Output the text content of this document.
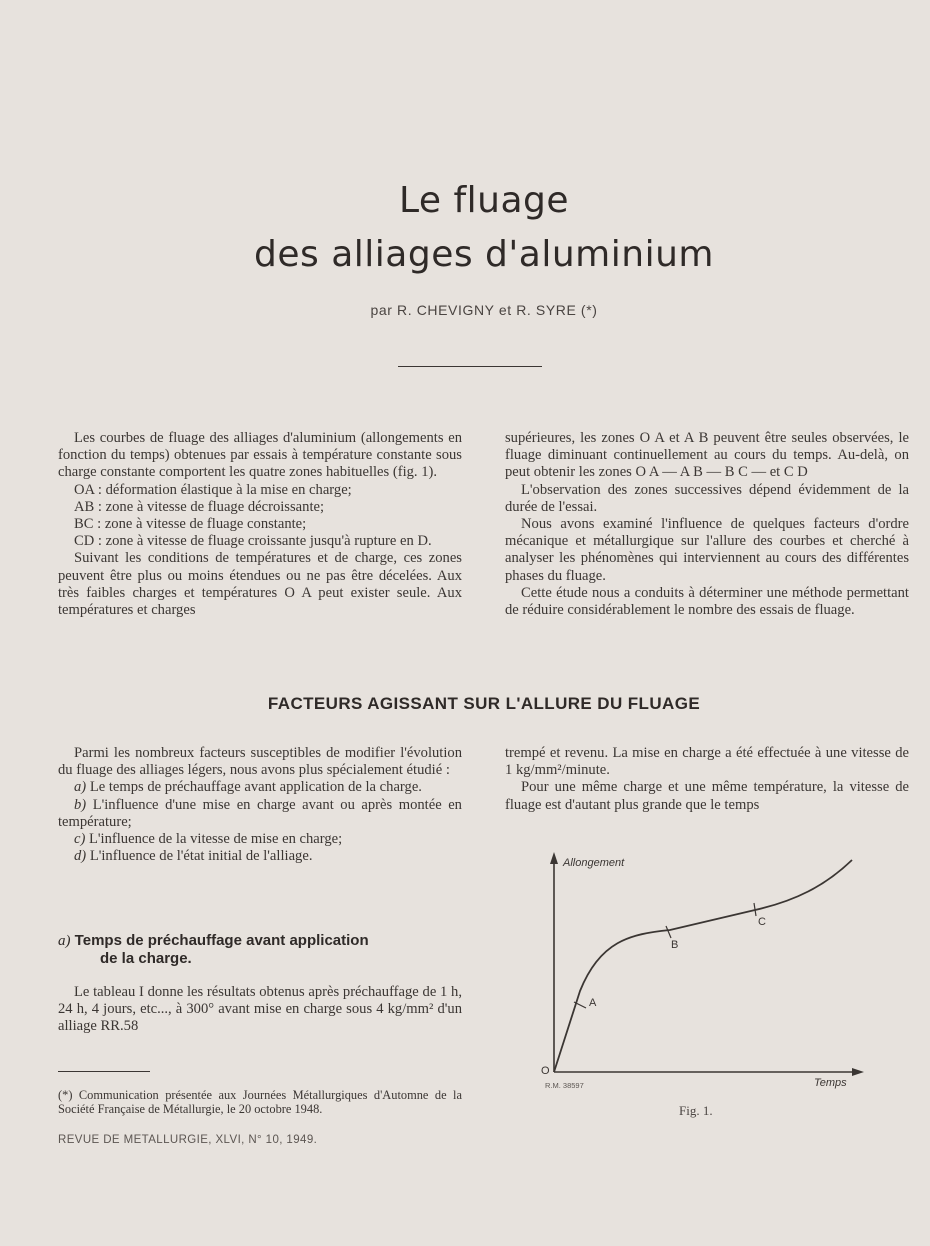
Le fluage
des alliages d'aluminium
par R. CHEVIGNY et R. SYRE (*)

Les courbes de fluage des alliages d'aluminium (allongements en fonction du temps) obtenues par essais à température constante sous charge constante comportent les quatre zones habituelles (fig. 1).

OA : déformation élastique à la mise en charge;

AB : zone à vitesse de fluage décroissante;

BC : zone à vitesse de fluage constante;

CD : zone à vitesse de fluage croissante jusqu'à rupture en D.

Suivant les conditions de températures et de charge, ces zones peuvent être plus ou moins étendues ou ne pas être décelées. Aux très faibles charges et températures O A peut exister seule. Aux températures et charges

supérieures, les zones O A et A B peuvent être seules observées, le fluage diminuant continuellement au cours du temps. Au-delà, on peut obtenir les zones O A — A B — B C — et C D

L'observation des zones successives dépend évidemment de la durée de l'essai.

Nous avons examiné l'influence de quelques facteurs d'ordre mécanique et métallurgique sur l'allure des courbes et cherché à analyser les phénomènes qui interviennent au cours des différentes phases du fluage.

Cette étude nous a conduits à déterminer une méthode permettant de réduire considérablement le nombre des essais de fluage.

FACTEURS AGISSANT SUR L'ALLURE DU FLUAGE

Parmi les nombreux facteurs susceptibles de modifier l'évolution du fluage des alliages légers, nous avons plus spécialement étudié :

a) Le temps de préchauffage avant application de la charge.

b) L'influence d'une mise en charge avant ou après montée en température;

c) L'influence de la vitesse de mise en charge;

d) L'influence de l'état initial de l'alliage.

a) Temps de préchauffage avant application
de la charge.

Le tableau I donne les résultats obtenus après préchauffage de 1 h, 24 h, 4 jours, etc..., à 300° avant mise en charge sous 4 kg/mm² d'un alliage RR.58

trempé et revenu. La mise en charge a été effectuée à une vitesse de 1 kg/mm²/minute.

Pour une même charge et une même température, la vitesse de fluage est d'autant plus grande que le temps

Allongement
Temps
O
A
B
C
R.M. 38597
Fig. 1.
(*) Communication présentée aux Journées Métallurgiques d'Automne de la Société Française de Métallurgie, le 20 octobre 1948.
REVUE DE METALLURGIE, XLVI, N° 10, 1949.
